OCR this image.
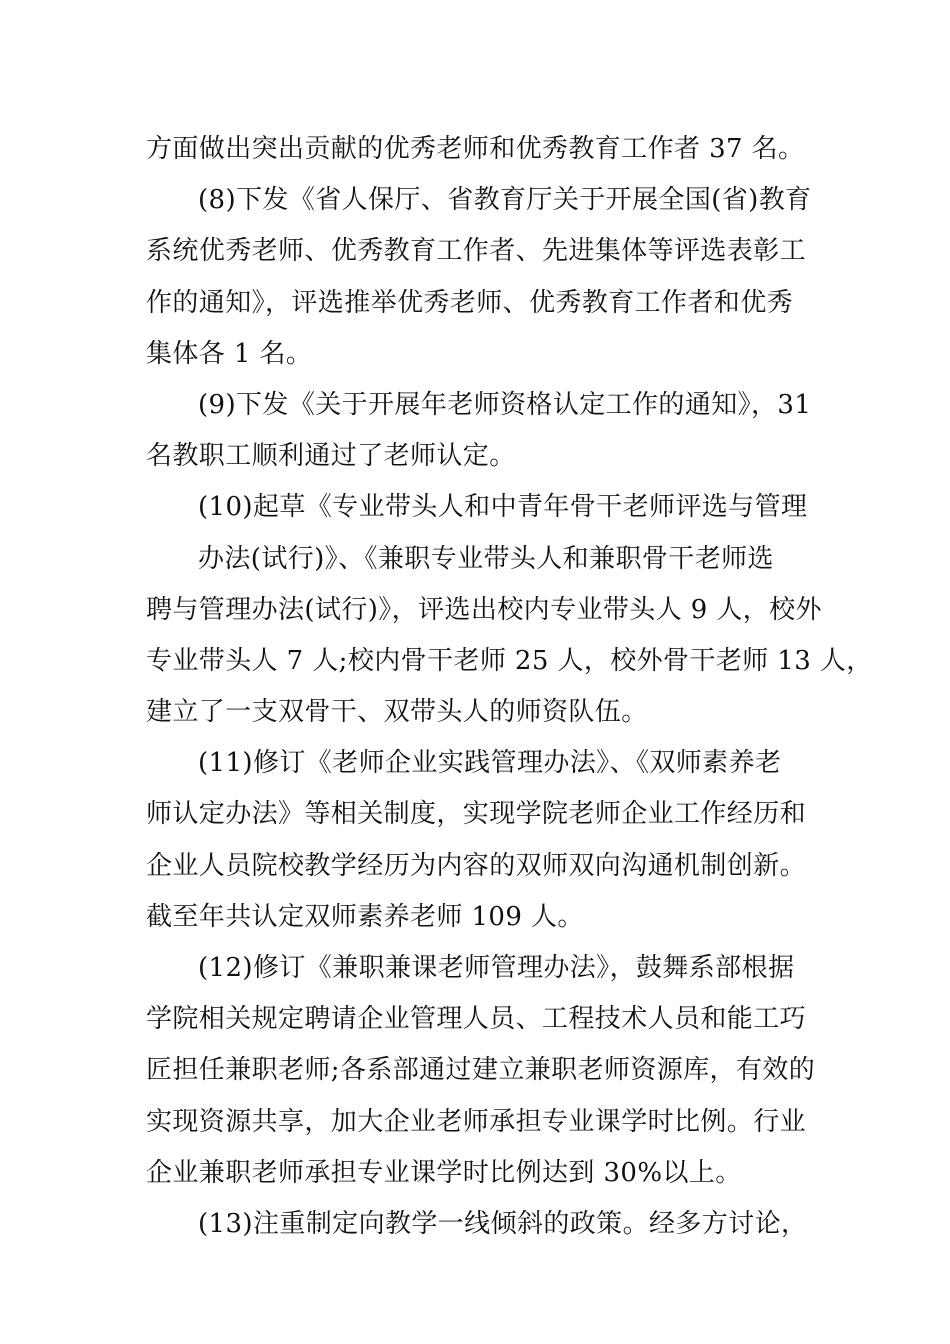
方面做出突出贡献的优秀老师和优秀教育工作者 37 名。
(8)下发《省人保厅、省教育厅关于开展全国(省)教育
系统优秀老师、优秀教育工作者、先进集体等评选表彰工
作的通知》，评选推举优秀老师、优秀教育工作者和优秀
集体各 1 名。
(9)下发《关于开展年老师资格认定工作的通知》，31
名教职工顺利通过了老师认定。
(10)起草《专业带头人和中青年骨干老师评选与管理
办法(试行)》、《兼职专业带头人和兼职骨干老师选
聘与管理办法(试行)》，评选出校内专业带头人 9 人，校外
专业带头人 7 人;校内骨干老师 25 人，校外骨干老师 13 人，
建立了一支双骨干、双带头人的师资队伍。
(11)修订《老师企业实践管理办法》、《双师素养老
师认定办法》等相关制度，实现学院老师企业工作经历和
企业人员院校教学经历为内容的双师双向沟通机制创新。
截至年共认定双师素养老师 109 人。
(12)修订《兼职兼课老师管理办法》，鼓舞系部根据
学院相关规定聘请企业管理人员、工程技术人员和能工巧
匠担任兼职老师;各系部通过建立兼职老师资源库，有效的
实现资源共享，加大企业老师承担专业课学时比例。行业
企业兼职老师承担专业课学时比例达到 30%以上。
(13)注重制定向教学一线倾斜的政策。经多方讨论，
